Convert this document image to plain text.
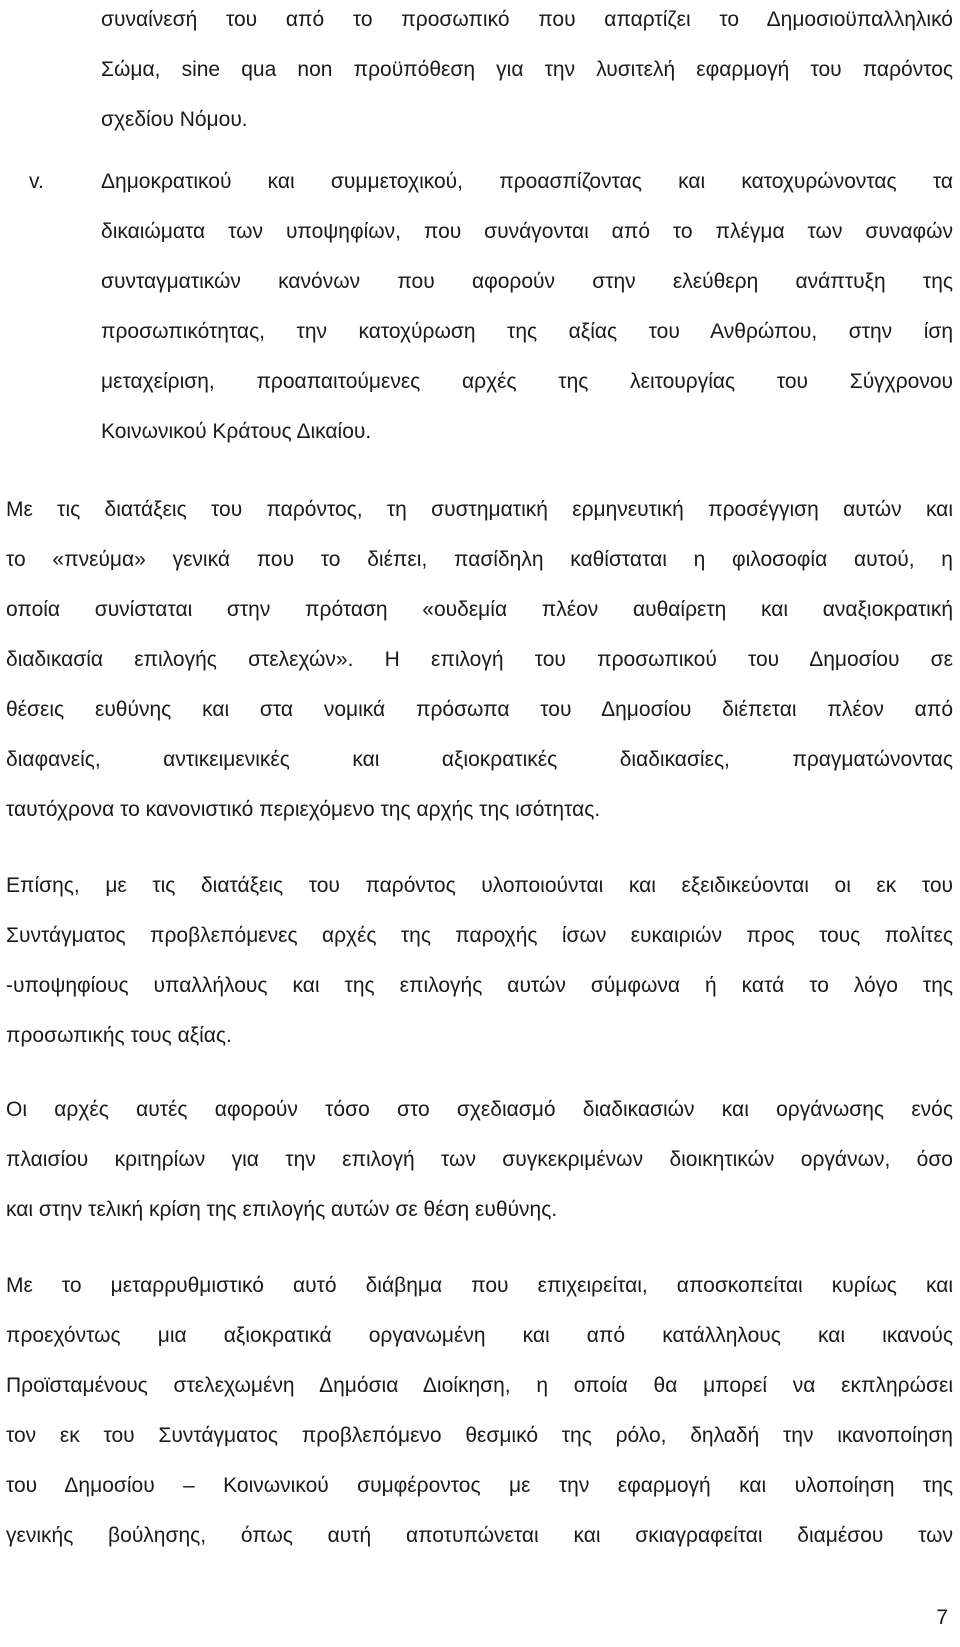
συναίνεσή του από το προσωπικό που απαρτίζει το Δημοσιοϋπαλληλικό
Σώμα, sine qua non προϋπόθεση για την λυσιτελή εφαρμογή του παρόντος
σχεδίου Νόμου.
v.	Δημοκρατικού και συμμετοχικού, προασπίζοντας και κατοχυρώνοντας τα
δικαιώματα των υποψηφίων, που συνάγονται από το πλέγμα των συναφών
συνταγματικών κανόνων που αφορούν στην ελεύθερη ανάπτυξη της
προσωπικότητας, την κατοχύρωση της αξίας του Ανθρώπου, στην ίση
μεταχείριση, προαπαιτούμενες αρχές της λειτουργίας του Σύγχρονου
Κοινωνικού Κράτους Δικαίου.
Με τις διατάξεις του παρόντος, τη συστηματική ερμηνευτική προσέγγιση αυτών και
το «πνεύμα» γενικά που το διέπει, πασίδηλη καθίσταται η φιλοσοφία αυτού, η
οποία συνίσταται στην πρόταση «ουδεμία πλέον αυθαίρετη και αναξιοκρατική
διαδικασία επιλογής στελεχών». Η επιλογή του προσωπικού του Δημοσίου σε
θέσεις ευθύνης και στα νομικά πρόσωπα του Δημοσίου διέπεται πλέον από
διαφανείς, αντικειμενικές και αξιοκρατικές διαδικασίες, πραγματώνοντας
ταυτόχρονα το κανονιστικό περιεχόμενο της αρχής της ισότητας.
Επίσης, με τις διατάξεις του παρόντος υλοποιούνται και εξειδικεύονται οι εκ του
Συντάγματος προβλεπόμενες αρχές της παροχής ίσων ευκαιριών προς τους πολίτες
-υποψηφίους υπαλλήλους και της επιλογής αυτών σύμφωνα ή κατά το λόγο της
προσωπικής τους αξίας.
Οι αρχές αυτές αφορούν τόσο στο σχεδιασμό διαδικασιών και οργάνωσης ενός
πλαισίου κριτηρίων για την επιλογή των συγκεκριμένων διοικητικών οργάνων, όσο
και στην τελική κρίση της επιλογής αυτών σε θέση ευθύνης.
Με το μεταρρυθμιστικό αυτό διάβημα που επιχειρείται, αποσκοπείται κυρίως και
προεχόντως μια αξιοκρατικά οργανωμένη και από κατάλληλους και ικανούς
Προϊσταμένους στελεχωμένη Δημόσια Διοίκηση, η οποία θα μπορεί να εκπληρώσει
τον εκ του Συντάγματος προβλεπόμενο θεσμικό της ρόλο, δηλαδή την ικανοποίηση
του Δημοσίου – Κοινωνικού συμφέροντος με την εφαρμογή και υλοποίηση της
γενικής βούλησης, όπως αυτή αποτυπώνεται και σκιαγραφείται διαμέσου των
7
